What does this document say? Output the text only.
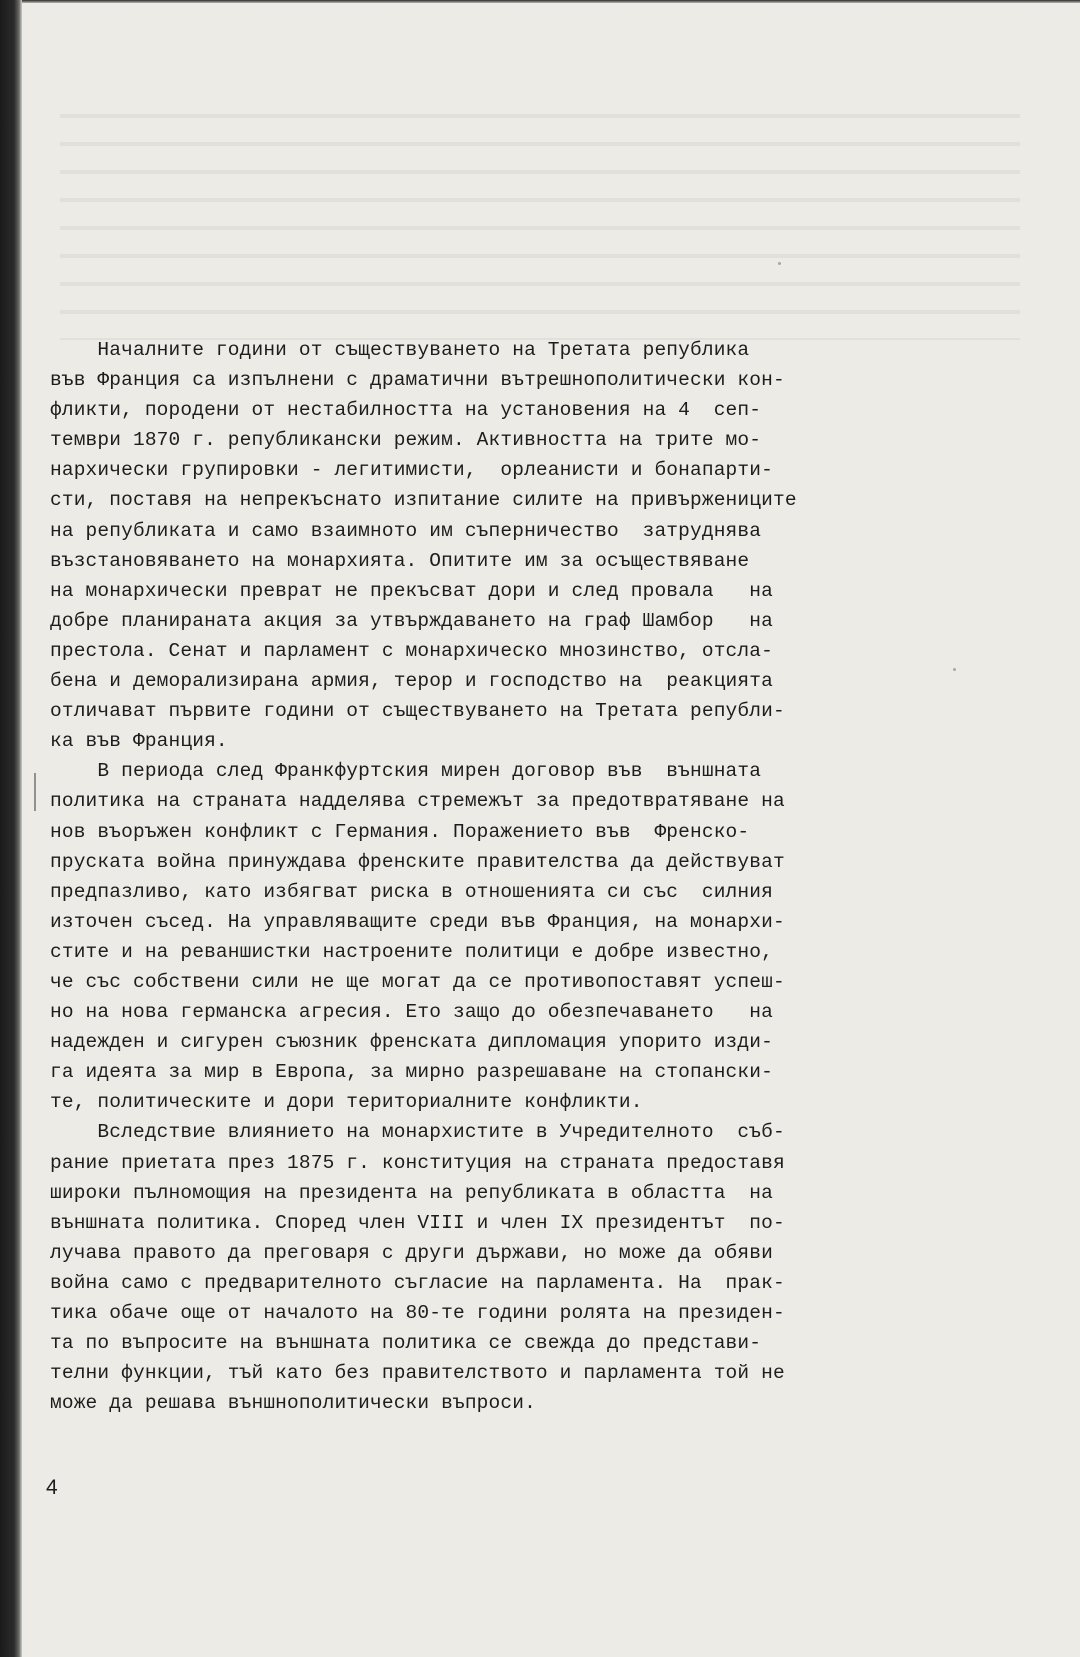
Началните години от съществуването на Третата република
във Франция са изпълнени с драматични вътрешнополитически кон-
фликти, породени от нестабилността на установения на 4  сеп-
тември 1870 г. републикански режим. Активността на трите мо-
нархически групировки - легитимисти,  орлеанисти и бонaпарти-
сти, поставя на непрекъснато изпитание силите на привържениците
на републиката и само взаимното им съперничество  затруднява
възстановяването на монархията. Опитите им за осъществяване
на монархически преврат не прекъсват дори и след провала   на
добре планираната акция за утвърждаването на граф Шамбор   на
престола. Сенат и парламент с монархическо мнозинство, отсла-
бена и деморализирана армия, терор и господство на  реакцията
отличават първите години от съществуването на Третата републи-
ка във Франция.
В периода след Франкфуртския мирен договор във  външната
политика на страната надделява стремежът за предотвратяване на
нов въоръжен конфликт с Германия. Поражението във  Френско-
пруската война принуждава френските правителства да действуват
предпазливо, като избягват риска в отношенията си със  силния
източен съсед. На управляващите среди във Франция, на монархи-
стите и на реваншистки настроените политици е добре известно,
че със собствени сили не ще могат да се противопоставят успеш-
но на нова германска агресия. Ето защо до обезпечаването   на
надежден и сигурен съюзник френската дипломация упорито изди-
га идеята за мир в Европа, за мирно разрешаване на стопански-
те, политическите и дори териториалните конфликти.
Вследствие влиянието на монархистите в Учредителното  съб-
рание приетата през 1875 г. конституция на страната предоставя
широки пълномощия на президента на републиката в областта  на
външната политика. Според член VIII и член IX президентът  по-
лучава правото да преговаря с други държави, но може да обяви
война само с предварителното съгласие на парламента. На  прак-
тика обаче още от началото на 80-те години ролята на президен-
та по въпросите на външната политика се свежда до представи-
телни функции, тъй като без правителството и парламента той не
може да решава външнополитически въпроси.
4
